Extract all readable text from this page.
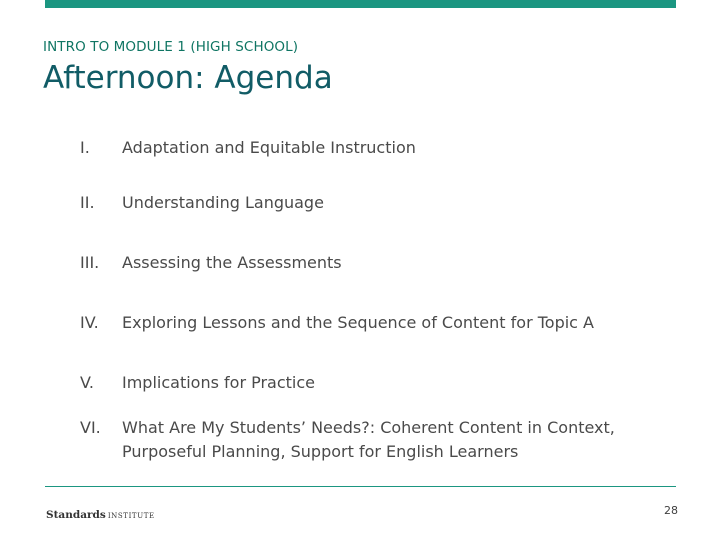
INTRO TO MODULE 1 (HIGH SCHOOL)
Afternoon: Agenda
I.	Adaptation and Equitable Instruction
II.	Understanding Language
III.	Assessing the Assessments
IV.	Exploring Lessons and the Sequence of Content for Topic A
V.	Implications for Practice
VI.	What Are My Students’ Needs?: Coherent Content in Context, Purposeful Planning, Support for English Learners
Standards INSTITUTE	28
